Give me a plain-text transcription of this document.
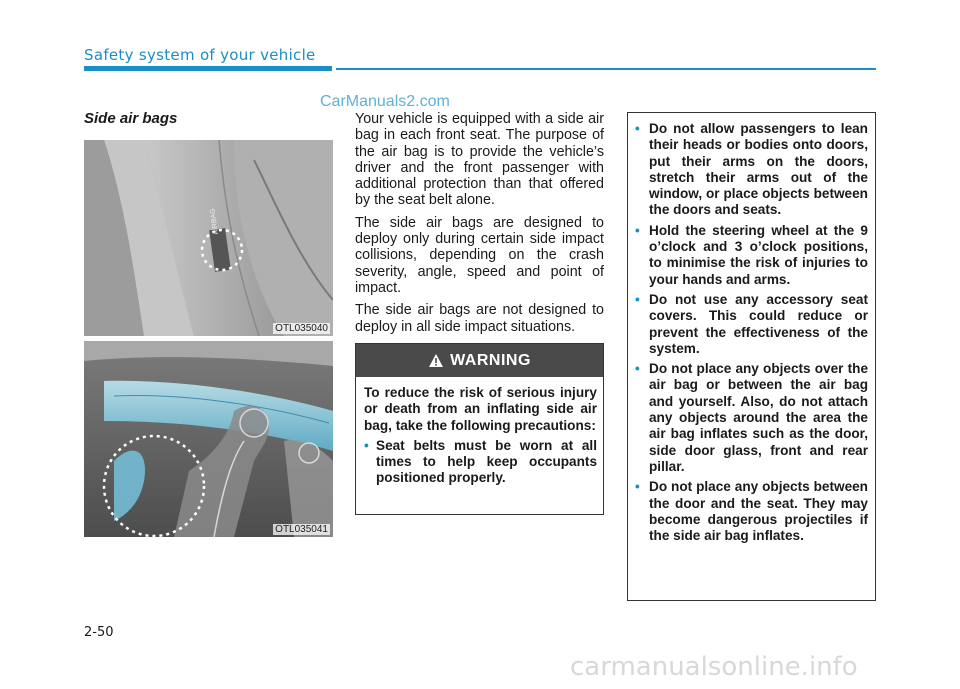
Safety system of your vehicle
CarManuals2.com
Side air bags
AIRBAG
OTL035040
OTL035041

Your vehicle is equipped with a side air bag in each front seat. The purpose of the air bag is to provide the vehicle’s driver and the front passenger with additional protection than that offered by the seat belt alone.

The side air bags are designed to deploy only during certain side impact collisions, depending on the crash severity, angle, speed and point of impact.

The side air bags are not designed to deploy in all side impact situations.

WARNING

To reduce the risk of serious injury or death from an inflating side air bag, take the following precautions:

• Seat belts must be worn at all times to help keep occupants positioned properly.
• Do not allow passengers to lean their heads or bodies onto doors, put their arms on the doors, stretch their arms out of the window, or place objects between the doors and seats.
• Hold the steering wheel at the 9 o’clock and 3 o’clock positions, to minimise the risk of injuries to your hands and arms.
• Do not use any accessory seat covers. This could reduce or prevent the effectiveness of the system.
• Do not place any objects over the air bag or between the air bag and yourself. Also, do not attach any objects around the area the air bag inflates such as the door, side door glass, front and rear pillar.
• Do not place any objects between the door and the seat. They may become dangerous projectiles if the side air bag inflates.
2-50
carmanualsonline.info
